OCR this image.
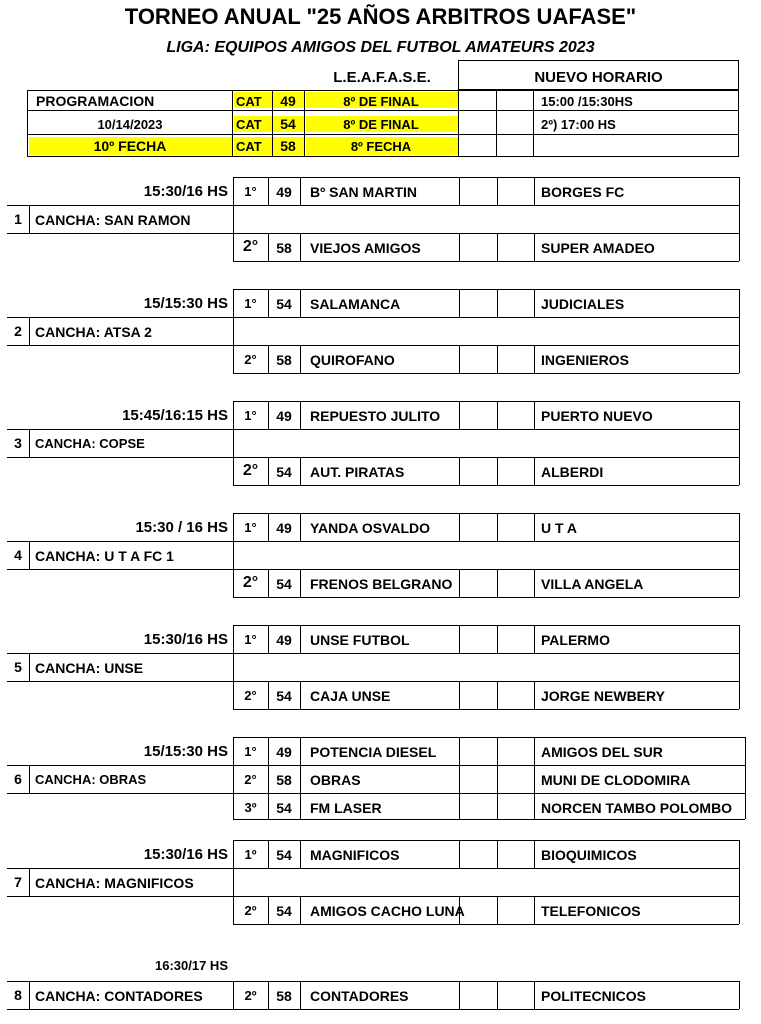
TORNEO ANUAL "25 AÑOS ARBITROS UAFASE"
LIGA: EQUIPOS AMIGOS DEL FUTBOL AMATEURS 2023
L.E.A.F.A.S.E.	NUEVO HORARIO
PROGRAMACION	CAT	49	8º DE FINAL	15:00 /15:30HS
10/14/2023	CAT	54	8º DE FINAL	2º) 17:00 HS
10º FECHA	CAT	58	8º FECHA
15:30/16 HS
1 CANCHA: SAN RAMON
1°	49	Bº SAN MARTIN	BORGES FC
2°	58	VIEJOS AMIGOS	SUPER AMADEO
15/15:30 HS
2 CANCHA: ATSA 2
1°	54	SALAMANCA	JUDICIALES
2°	58	QUIROFANO	INGENIEROS
15:45/16:15 HS
3	CANCHA: COPSE
1°	49	REPUESTO JULITO	PUERTO NUEVO
2°	54	AUT. PIRATAS	ALBERDI
15:30 / 16 HS
4 CANCHA: U T A FC 1
1°	49	YANDA OSVALDO	U T A
2°	54	FRENOS BELGRANO	VILLA ANGELA
15:30/16 HS
5 CANCHA: UNSE
1°	49	UNSE FUTBOL	PALERMO
2°	54	CAJA UNSE	JORGE NEWBERY
15/15:30 HS
6	CANCHA: OBRAS
1°	49	POTENCIA DIESEL	AMIGOS DEL SUR
2°	58	OBRAS	MUNI DE CLODOMIRA
3º	54	FM LASER	NORCEN TAMBO POLOMBO
15:30/16 HS
7 CANCHA: MAGNIFICOS
1º	54	MAGNIFICOS	BIOQUIMICOS
2º	54	AMIGOS CACHO LUNA	TELEFONICOS
16:30/17 HS
8 CANCHA: CONTADORES	2º	58	CONTADORES	POLITECNICOS
